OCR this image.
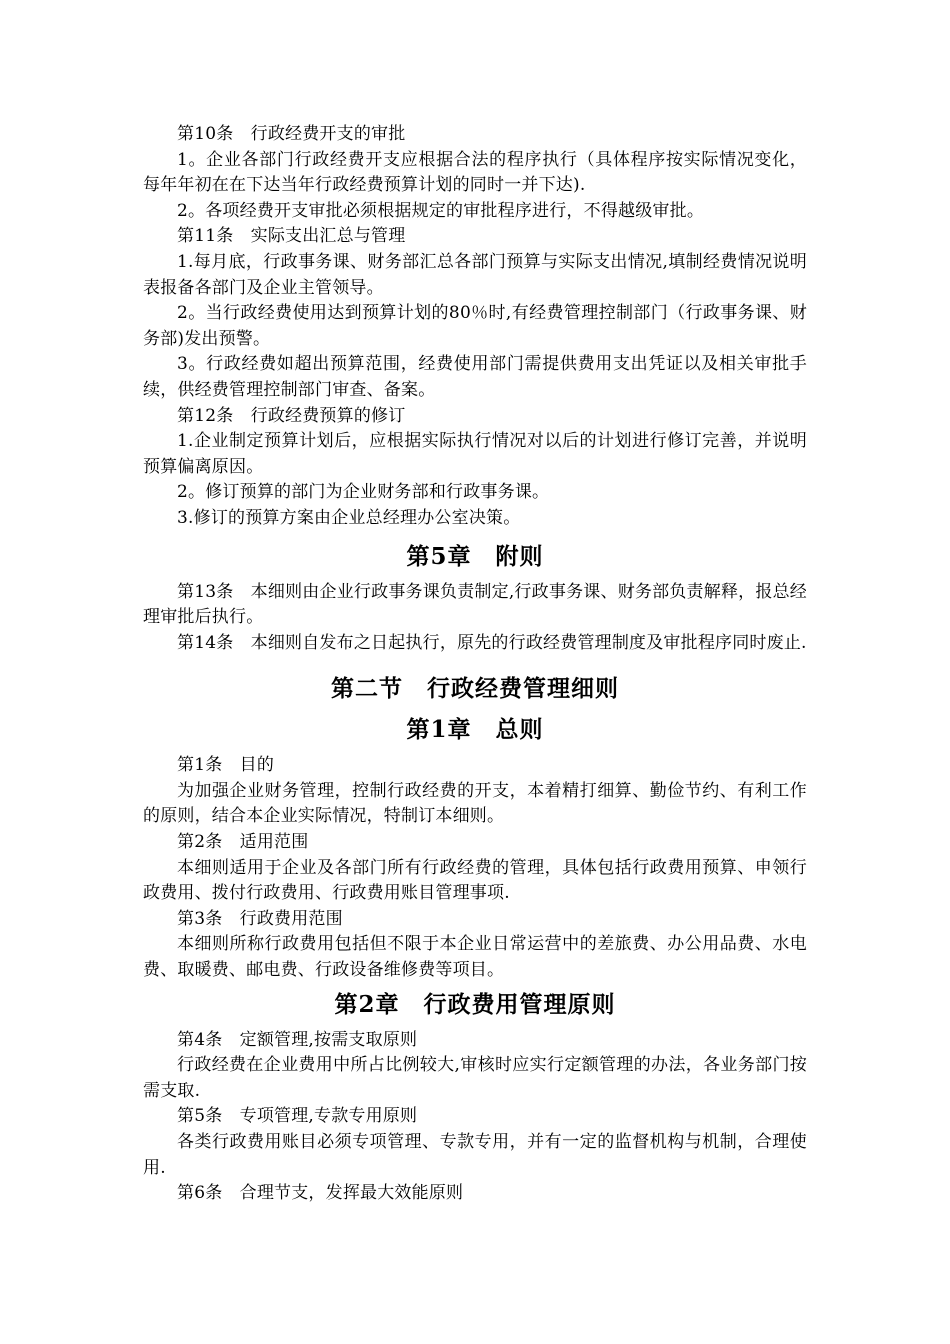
第10条　行政经费开支的审批

1。企业各部门行政经费开支应根据合法的程序执行（具体程序按实际情况变化，每年年初在在下达当年行政经费预算计划的同时一并下达).

2。各项经费开支审批必须根据规定的审批程序进行，不得越级审批。

第11条　实际支出汇总与管理

1.每月底，行政事务课、财务部汇总各部门预算与实际支出情况,填制经费情况说明表报备各部门及企业主管领导。

2。当行政经费使用达到预算计划的80％时,有经费管理控制部门（行政事务课、财务部)发出预警。

3。行政经费如超出预算范围，经费使用部门需提供费用支出凭证以及相关审批手续，供经费管理控制部门审查、备案。

第12条　行政经费预算的修订

1.企业制定预算计划后，应根据实际执行情况对以后的计划进行修订完善，并说明预算偏离原因。

2。修订预算的部门为企业财务部和行政事务课。

3.修订的预算方案由企业总经理办公室决策。

第5章　附则

第13条　本细则由企业行政事务课负责制定,行政事务课、财务部负责解释，报总经理审批后执行。

第14条　本细则自发布之日起执行，原先的行政经费管理制度及审批程序同时废止.

第二节　行政经费管理细则
第1章　总则

第1条　目的

为加强企业财务管理，控制行政经费的开支，本着精打细算、勤俭节约、有利工作的原则，结合本企业实际情况，特制订本细则。

第2条　适用范围

本细则适用于企业及各部门所有行政经费的管理，具体包括行政费用预算、申领行政费用、拨付行政费用、行政费用账目管理事项.

第3条　行政费用范围

本细则所称行政费用包括但不限于本企业日常运营中的差旅费、办公用品费、水电费、取暖费、邮电费、行政设备维修费等项目。

第2章　行政费用管理原则

第4条　定额管理,按需支取原则

行政经费在企业费用中所占比例较大,审核时应实行定额管理的办法，各业务部门按需支取.

第5条　专项管理,专款专用原则

各类行政费用账目必须专项管理、专款专用，并有一定的监督机构与机制，合理使用.

第6条　合理节支，发挥最大效能原则
